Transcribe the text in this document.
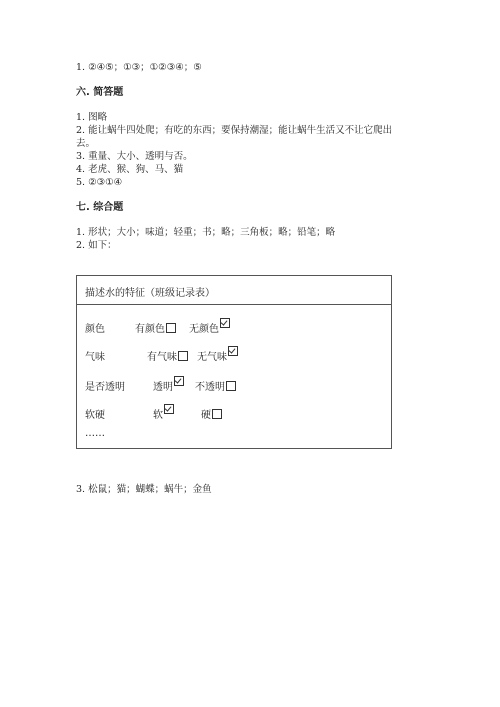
1. ②④⑤；①③；①②③④；⑤
六. 简答题
1. 图略
2. 能让蜗牛四处爬；有吃的东西；要保持潮湿；能让蜗牛生活又不让它爬出
去。
3. 重量、大小、透明与否。
4. 老虎、猴、狗、马、猫
5. ②③①④
七. 综合题
1. 形状；大小；味道；轻重；书；略；三角板；略；铅笔；略
2. 如下：
描述水的特征（班级记录表）
颜色	有颜色	无颜色
气味	有气味	无气味
是否透明	透明	不透明
软硬	软	硬
……
3. 松鼠；猫；蝴蝶；蜗牛；金鱼
